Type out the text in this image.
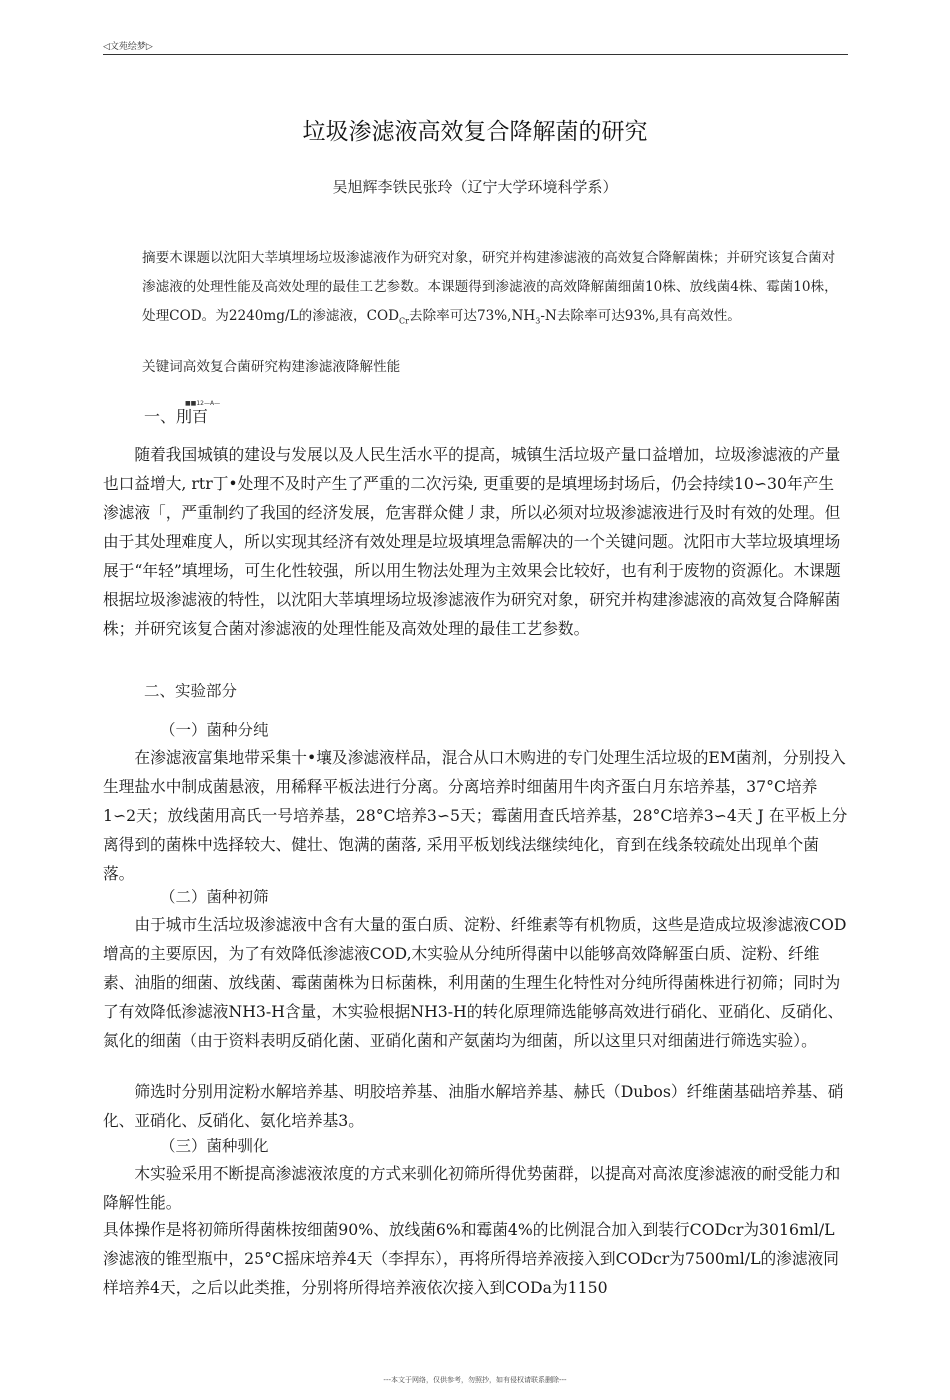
◁文苑绘梦▷
垃圾渗滤液高效复合降解菌的研究
吴旭辉李铁民张玲（辽宁大学环境科学系）

摘要木课题以沈阳大莘填埋场垃圾渗滤液作为研究对象，研究并构建渗滤液的高效复合降解菌株；并研究该复合菌对渗滤液的处理性能及高效处理的最佳工艺参数。本课题得到渗滤液的高效降解菌细菌10株、放线菌4株、霉菌10株，处理COD。为2240mg/L的渗滤液，$COD_{Cr}$去除率可达$73\%,NH_3-N$去除率可达93%,具有高效性。

关键词高效复合菌研究构建渗滤液降解性能

■■12—A—

一、刖百

随着我国城镇的建设与发展以及人民生活水平的提高，城镇生活垃圾产量口益增加，垃圾渗滤液的产量也口益增大, rtr丁•处理不及时产生了严重的二次污染, 更重要的是填埋场封场后，仍会持续10∽30年产生渗滤液「，严重制约了我国的经济发展，危害群众健丿隶，所以必须对垃圾渗滤液进行及时有效的处理。但由于其处理难度人，所以实现其经济有效处理是垃圾填埋急需解决的一个关键问题。沈阳市大莘垃圾填埋场展于“年轻”填埋场，可生化性较强，所以用生物法处理为主效果会比较好，也有利于废物的资源化。木课题根据垃圾渗滤液的特性，以沈阳大莘填埋场垃圾渗滤液作为研究对象，研究并构建渗滤液的高效复合降解菌株；并研究该复合菌对渗滤液的处理性能及高效处理的最佳工艺参数。

二、实验部分

（一）菌种分纯

在渗滤液富集地带采集十•壤及渗滤液样品，混合从口木购进的专门处理生活垃圾的EM菌剂，分别投入生理盐水中制成菌悬液，用稀释平板法进行分离。分离培养时细菌用牛肉齐蛋白月东培养基，37°C培养1∽2天；放线菌用高氏一号培养基，28°C培养3∽5天；霉菌用査氏培养基，28°C培养3∽4天 J 在平板上分离得到的菌株中选择较大、健壮、饱满的菌落, 采用平板划线法继续纯化，育到在线条较疏处出现单个菌落。

（二）菌种初筛

由于城市生活垃圾渗滤液中含有大量的蛋白质、淀粉、纤维素等有机物质，这些是造成垃圾渗滤液COD增高的主要原因，为了有效降低渗滤液COD,木实验从分纯所得菌中以能够高效降解蛋白质、淀粉、纤维素、油脂的细菌、放线菌、霉菌菌株为日标菌株，利用菌的生理生化特性对分纯所得菌株进行初筛；同时为了有效降低渗滤液NH3-H含量，木实验根据NH3-H的转化原理筛选能够高效进行硝化、亚硝化、反硝化、氮化的细菌（由于资料表明反硝化菌、亚硝化菌和产氨菌均为细菌，所以这里只对细菌进行筛选实验）。

筛选时分别用淀粉水解培养基、明胶培养基、油脂水解培养基、赫氏（Dubos）纤维菌基础培养基、硝化、亚硝化、反硝化、氨化培养基3。

（三）菌种驯化

木实验采用不断提高渗滤液浓度的方式来驯化初筛所得优势菌群，以提高对高浓度渗滤液的耐受能力和降解性能。

具体操作是将初筛所得菌株按细菌90%、放线菌6%和霉菌4%的比例混合加入到装行CODcr为3016ml/L渗滤液的锥型瓶中，25°C摇床培养4天（李捍东），再将所得培养液接入到CODcr为7500ml/L的渗滤液同样培养4天，之后以此类推，分别将所得培养液依次接入到CODa为1150

---本文于网络，仅供参考，勿照抄，如有侵权请联系删除---
